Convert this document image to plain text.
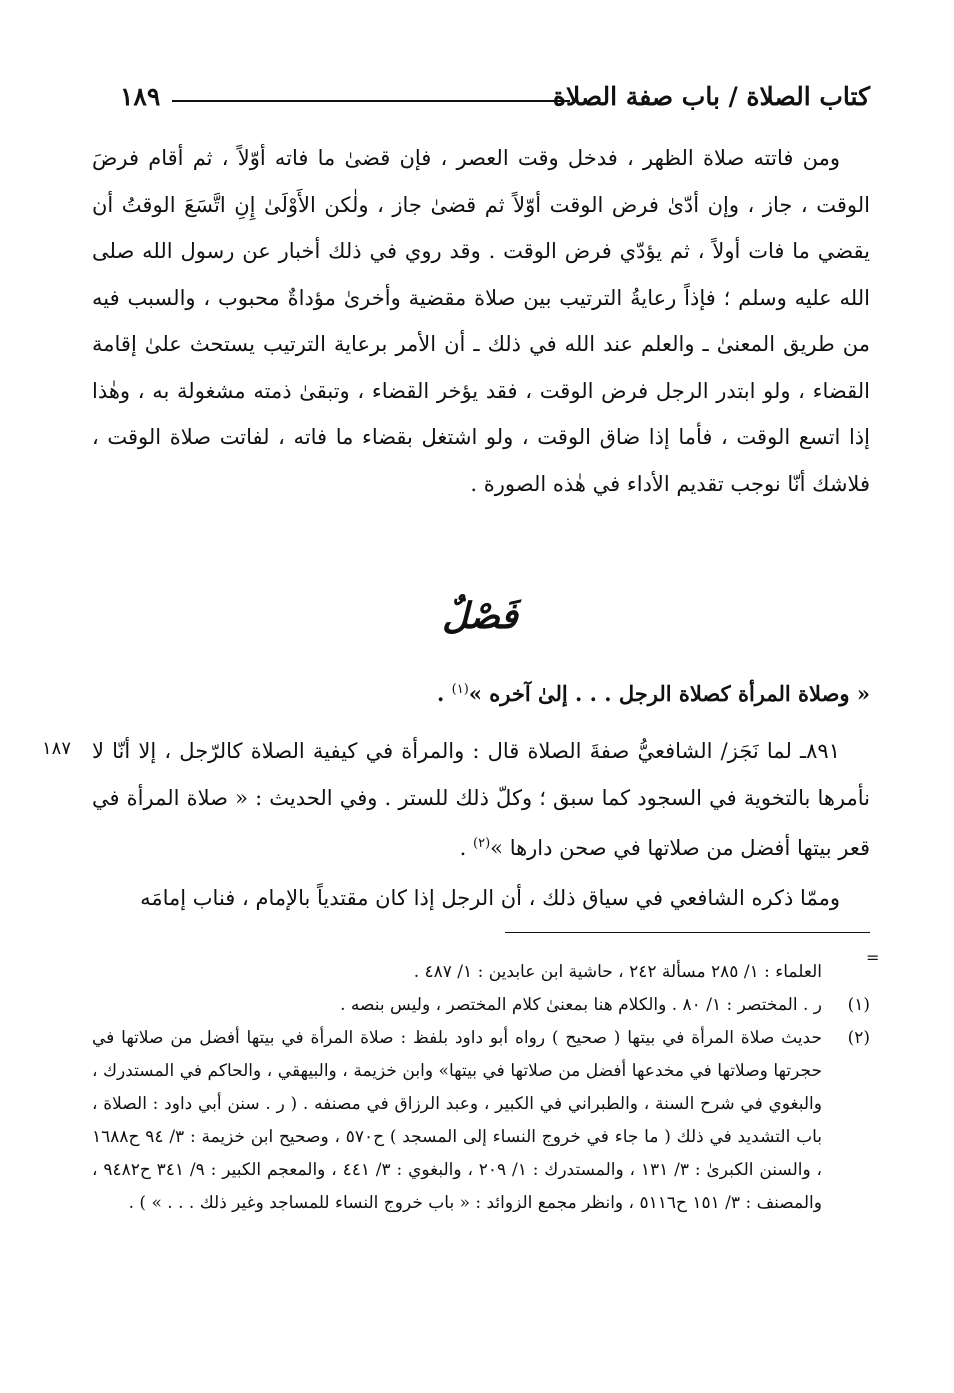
كتاب الصلاة / باب صفة الصلاة
١٨٩

ومن فاتته صلاة الظهر ، فدخل وقت العصر ، فإن قضىٰ ما فاته أوّلاً ، ثم أقام فرضَ الوقت ، جاز ، وإن أدّىٰ فرض الوقت أوّلاً ثم قضىٰ جاز ، ولٰكن الأَوْلَىٰ إِنِ اتَّسَعَ الوقتُ أن يقضي ما فات أولاً ، ثم يؤدّي فرض الوقت . وقد روي في ذلك أخبار عن رسول الله صلى الله عليه وسلم ؛ فإذاً رعايةُ الترتيب بين صلاة مقضية وأخرىٰ مؤداةٌ محبوب ، والسبب فيه من طريق المعنىٰ ـ والعلم عند الله في ذلك ـ أن الأمر برعاية الترتيب يستحث علىٰ إقامة القضاء ، ولو ابتدر الرجل فرض الوقت ، فقد يؤخر القضاء ، وتبقىٰ ذمته مشغولة به ، وهٰذا إذا اتسع الوقت ، فأما إذا ضاق الوقت ، ولو اشتغل بقضاء ما فاته ، لفاتت صلاة الوقت ، فلاشك أنّا نوجب تقديم الأداء في هٰذه الصورة .

فَصْلٌ
« وصلاة المرأة كصلاة الرجل . . . إلىٰ آخره »$^{(١)}$ .
١٨٧ ٨٩١ـ لما نَجَز/ الشافعيُّ صفةَ الصلاة قال : والمرأة في كيفية الصلاة كالرّجل ، إلا أنّا لا نأمرها بالتخوية في السجود كما سبق ؛ وكلّ ذلك للستر . وفي الحديث : « صلاة المرأة في قعر بيتها أفضل من صلاتها في صحن دارها »$^{(٢)}$ .

وممّا ذكره الشافعي في سياق ذلك ، أن الرجل إذا كان مقتدياً بالإمام ، فناب إمامَه

=
العلماء : ١/ ٢٨٥ مسألة ٢٤٢ ، حاشية ابن عابدين : ١/ ٤٨٧ .
(١)
ر . المختصر : ١/ ٨٠ . والكلام هنا بمعنىٰ كلام المختصر ، وليس بنصه .
(٢)
حديث صلاة المرأة في بيتها ( صحيح ) رواه أبو داود بلفظ : صلاة المرأة في بيتها أفضل من صلاتها في حجرتها وصلاتها في مخدعها أفضل من صلاتها في بيتها» وابن خزيمة ، والبيهقي ، والحاكم في المستدرك ، والبغوي في شرح السنة ، والطبراني في الكبير ، وعبد الرزاق في مصنفه . ( ر . سنن أبي داود : الصلاة ، باب التشديد في ذلك ( ما جاء في خروج النساء إلى المسجد ) ح٥٧٠ ، وصحيح ابن خزيمة : ٣/ ٩٤ ح١٦٨٨ ، والسنن الكبرىٰ : ٣/ ١٣١ ، والمستدرك : ١/ ٢٠٩ ، والبغوي : ٣/ ٤٤١ ، والمعجم الكبير : ٩/ ٣٤١ ح٩٤٨٢ ، والمصنف : ٣/ ١٥١ ح٥١١٦ ، وانظر مجمع الزوائد : « باب خروج النساء للمساجد وغير ذلك . . . » ) .
